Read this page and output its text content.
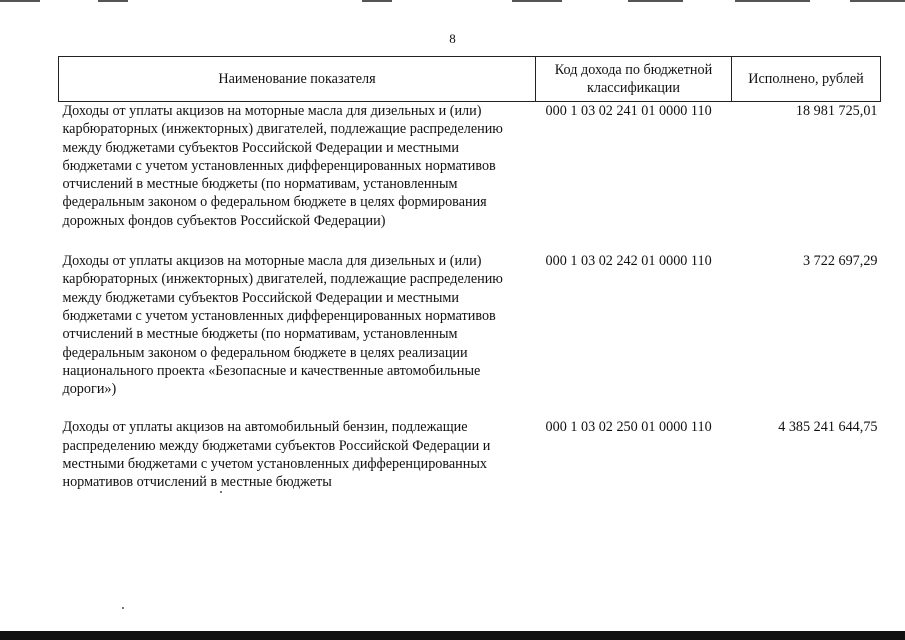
8
Наименование показателя	Код дохода по бюджетной классификации	Исполнено, рублей
Доходы от уплаты акцизов на моторные масла для дизельных и (или) карбюраторных (инжекторных) двигателей, подлежащие распределению между бюджетами субъектов Российской Федерации и местными бюджетами с учетом установленных дифференцированных нормативов отчислений в местные бюджеты (по нормативам, установленным федеральным законом о федеральном бюджете в целях формирования дорожных фондов субъектов Российской Федерации)	000 1 03 02 241 01 0000 110	18 981 725,01
Доходы от уплаты акцизов на моторные масла для дизельных и (или) карбюраторных (инжекторных) двигателей, подлежащие распределению между бюджетами субъектов Российской Федерации и местными бюджетами с учетом установленных дифференцированных нормативов отчислений в местные бюджеты (по нормативам, установленным федеральным законом о федеральном бюджете в целях реализации национального проекта «Безопасные и качественные автомобильные дороги»)	000 1 03 02 242 01 0000 110	3 722 697,29
Доходы от уплаты акцизов на автомобильный бензин, подлежащие распределению между бюджетами субъектов Российской Федерации и местными бюджетами с учетом установленных дифференцированных нормативов отчислений в местные бюджеты	000 1 03 02 250 01 0000 110	4 385 241 644,75
